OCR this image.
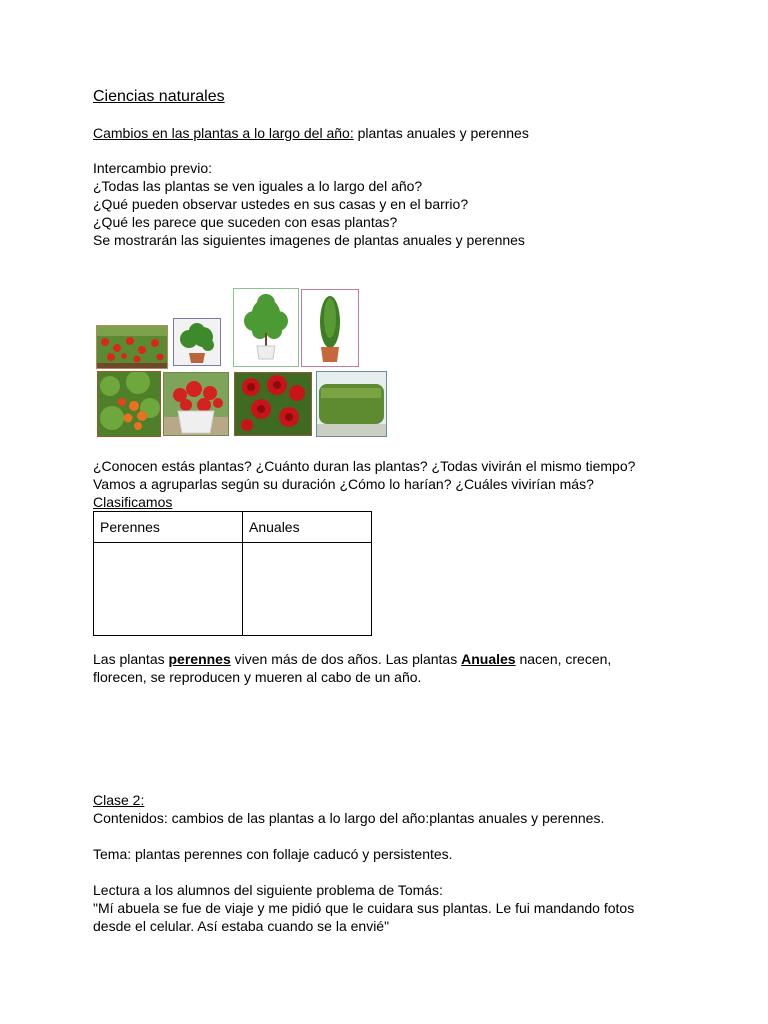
Ciencias naturales
Cambios en las plantas a lo largo del año: plantas anuales y perennes

Intercambio previo:

¿Todas las plantas se ven iguales a lo largo del año?

¿Qué pueden observar ustedes en sus casas y en el barrio?

¿Qué les parece que suceden con esas plantas?

Se mostrarán las siguientes imagenes de plantas anuales y perennes

¿Conocen estás plantas? ¿Cuánto duran las plantas? ¿Todas vivirán el mismo tiempo?

Vamos a agruparlas según su duración ¿Cómo lo harían? ¿Cuáles vivirían más?

Clasificamos

Perennes	Anuales

Las plantas perennes viven más de dos años. Las plantas Anuales nacen, crecen,

florecen, se reproducen y mueren al cabo de un año.

Clase 2:

Contenidos: cambios de las plantas a lo largo del año:plantas anuales y perennes.

Tema: plantas perennes con follaje caducó y persistentes.

Lectura a los alumnos del siguiente problema de Tomás:

"Mí abuela se fue de viaje y me pidió que le cuidara sus plantas. Le fui mandando fotos

desde el celular. Así estaba cuando se la envié"
